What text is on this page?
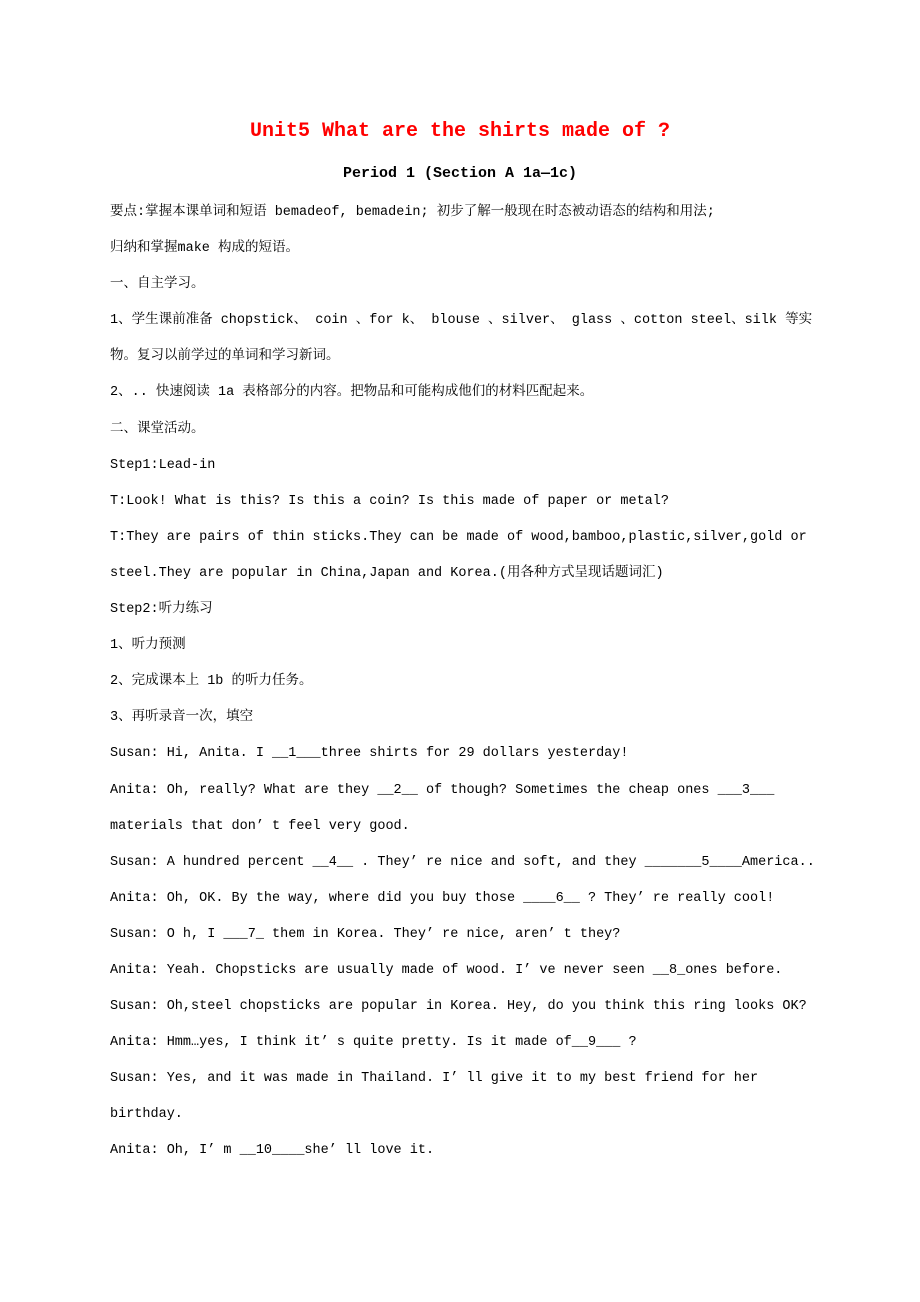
Unit5 What are the shirts made of ?
Period 1 (Section A 1a—1c)
要点:掌握本课单词和短语 bemadeof, bemadein; 初步了解一般现在时态被动语态的结构和用法;
归纳和掌握make 构成的短语。
一、自主学习。
1、学生课前准备 chopstick、 coin 、for k、 blouse 、silver、 glass 、cotton steel、silk 等实
物。复习以前学过的单词和学习新词。
2、.. 快速阅读 1a 表格部分的内容。把物品和可能构成他们的材料匹配起来。
二、课堂活动。
Step1:Lead-in
T:Look! What is this? Is this a coin? Is this made of paper or metal?
T:They are pairs of thin sticks.They can be made of wood,bamboo,plastic,silver,gold or
steel.They are popular in China,Japan and Korea.(用各种方式呈现话题词汇)
Step2:听力练习
1、听力预测
2、完成课本上 1b 的听力任务。
3、再听录音一次，填空
Susan: Hi, Anita. I __1___three shirts for 29 dollars yesterday!
Anita: Oh, really? What are they __2__ of though? Sometimes the cheap ones ___3___
materials that don’ t feel very good.
Susan: A hundred percent __4__ . They’ re nice and soft, and they _______5____America..
Anita: Oh, OK. By the way, where did you buy those ____6__ ? They’ re really cool!
Susan: O h, I ___7_ them in Korea. They’ re nice, aren’ t they?
Anita: Yeah. Chopsticks are usually made of wood. I’ ve never seen __8_ones before.
Susan: Oh,steel chopsticks are popular in Korea. Hey, do you think this ring looks OK?
Anita: Hmm…yes, I think it’ s quite pretty. Is it made of__9___ ?
Susan: Yes, and it was made in Thailand. I’ ll give it to my best friend for her
birthday.
Anita: Oh, I’ m __10____she’ ll love it.
